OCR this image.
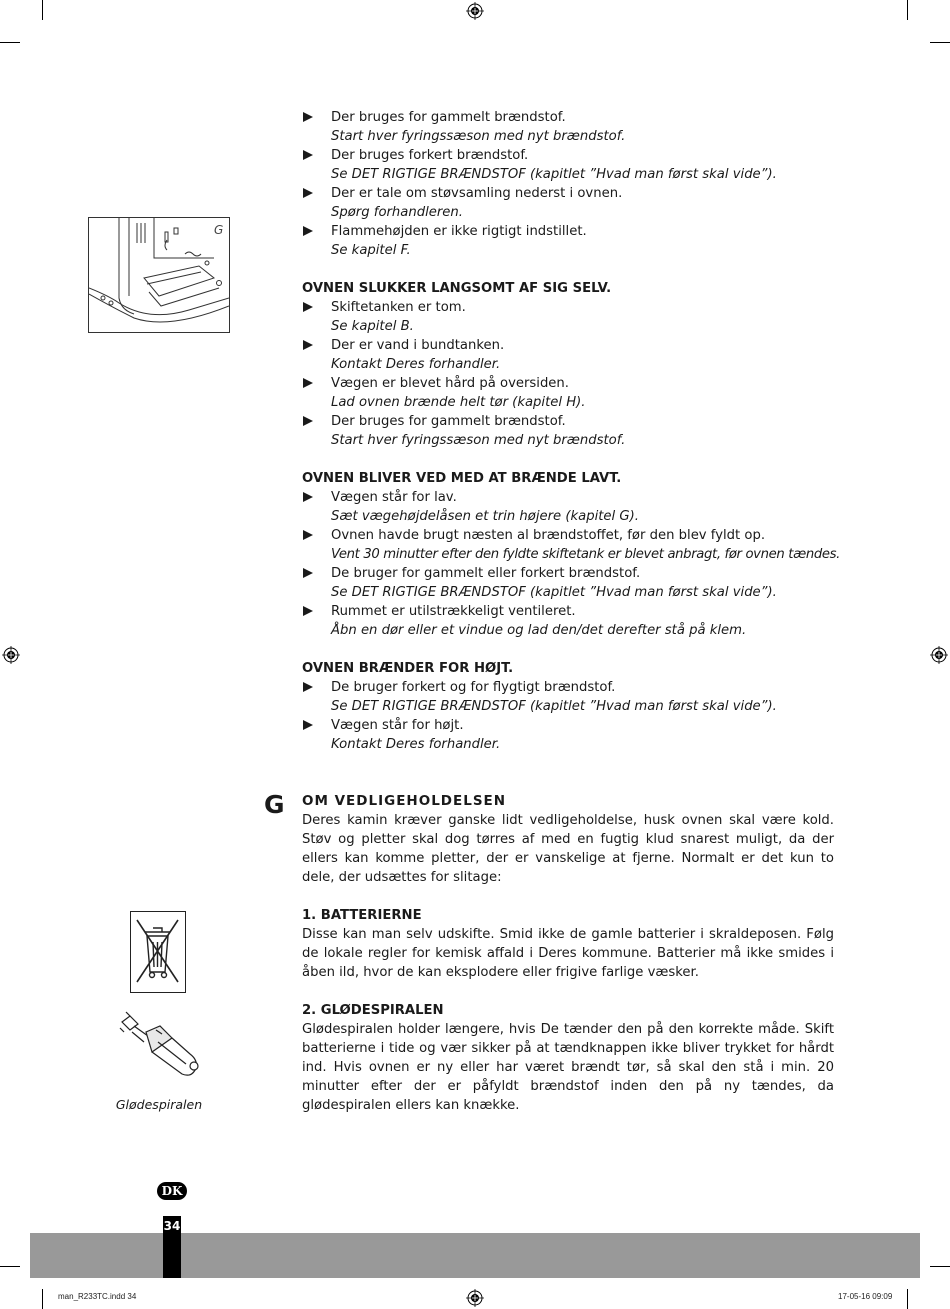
G
Der bruges for gammelt brændstof.
Start hver fyringssæson med nyt brændstof.
Der bruges forkert brændstof.
Se DET RIGTIGE BRÆNDSTOF (kapitlet ”Hvad man først skal vide”).
Der er tale om støvsamling nederst i ovnen.
Spørg forhandleren.
Flammehøjden er ikke rigtigt indstillet.
Se kapitel F.
OVNEN SLUKKER LANGSOMT AF SIG SELV.
Skiftetanken er tom.
Se kapitel B.
Der er vand i bundtanken.
Kontakt Deres forhandler.
Vægen er blevet hård på oversiden.
Lad ovnen brænde helt tør (kapitel H).
Der bruges for gammelt brændstof.
Start hver fyringssæson med nyt brændstof.
OVNEN BLIVER VED MED AT BRÆNDE LAVT.
Vægen står for lav.
Sæt vægehøjdelåsen et trin højere (kapitel G).
Ovnen havde brugt næsten al brændstoffet, før den blev fyldt op.
Vent 30 minutter efter den fyldte skiftetank er blevet anbragt, før ovnen tændes.
De bruger for gammelt eller forkert brændstof.
Se DET RIGTIGE BRÆNDSTOF (kapitlet ”Hvad man først skal vide”).
Rummet er utilstrækkeligt ventileret.
Åbn en dør eller et vindue og lad den/det derefter stå på klem.
OVNEN BRÆNDER FOR HØJT.
De bruger forkert og for flygtigt brændstof.
Se DET RIGTIGE BRÆNDSTOF (kapitlet ”Hvad man først skal vide”).
Vægen står for højt.
Kontakt Deres forhandler.
OM VEDLIGEHOLDELSEN
Deres kamin kræver ganske lidt vedligeholdelse, husk ovnen skal være kold. Støv og pletter skal dog tørres af med en fugtig klud snarest muligt, da der ellers kan komme pletter, der er vanskelige at fjerne. Normalt er det kun to dele, der udsættes for slitage:
1. BATTERIERNE
Disse kan man selv udskifte. Smid ikke de gamle batterier i skraldeposen. Følg de lokale regler for kemisk affald i Deres kommune. Batterier må ikke smides i åben ild, hvor de kan eksplodere eller frigive farlige væsker.
2. GLØDESPIRALEN
Glødespiralen holder længere, hvis De tænder den på den korrekte måde. Skift batterierne i tide og vær sikker på at tændknappen ikke bliver trykket for hårdt ind. Hvis ovnen er ny eller har været brændt tør, så skal den stå i min. 20 minutter efter der er påfyldt brændstof inden den på ny tændes, da glødespiralen ellers kan knække.
G
Glødespiralen
DK
34
man_R233TC.indd 34	17-05-16 09:09
